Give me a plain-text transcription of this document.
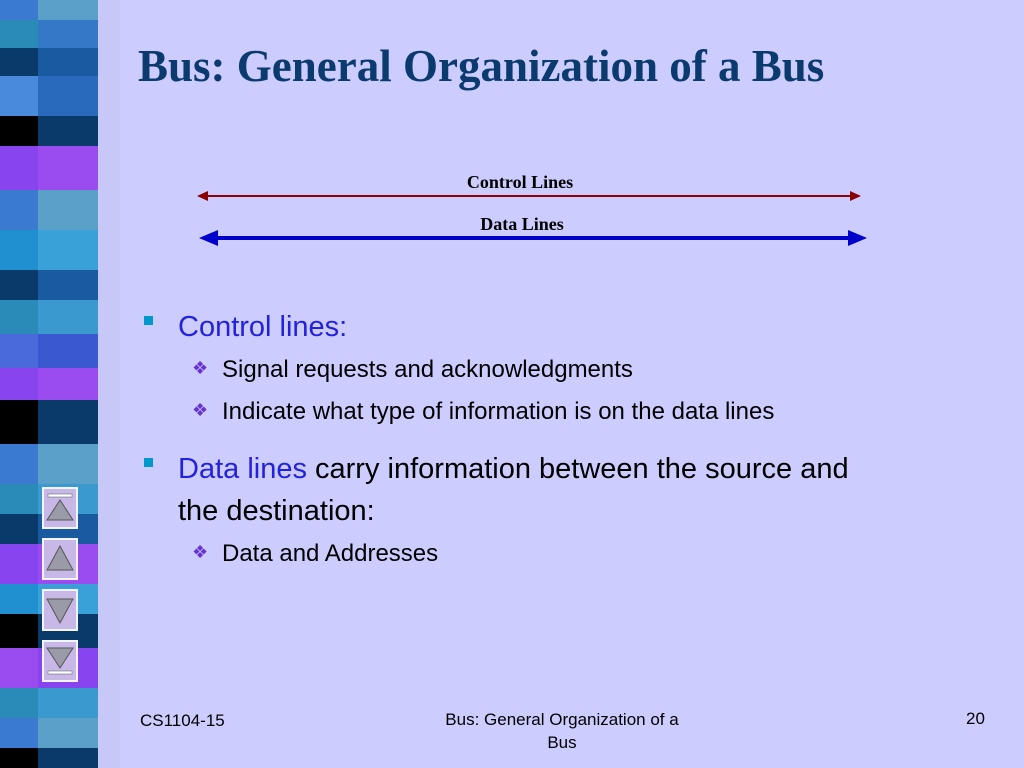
Bus: General Organization of a Bus
Control Lines
Data Lines
Control lines:
❖ Signal requests and acknowledgments
❖ Indicate what type of information is on the data lines
Data lines carry information between the source and
the destination:
❖ Data and Addresses
CS1104-15	Bus: General Organization of a
Bus
20
